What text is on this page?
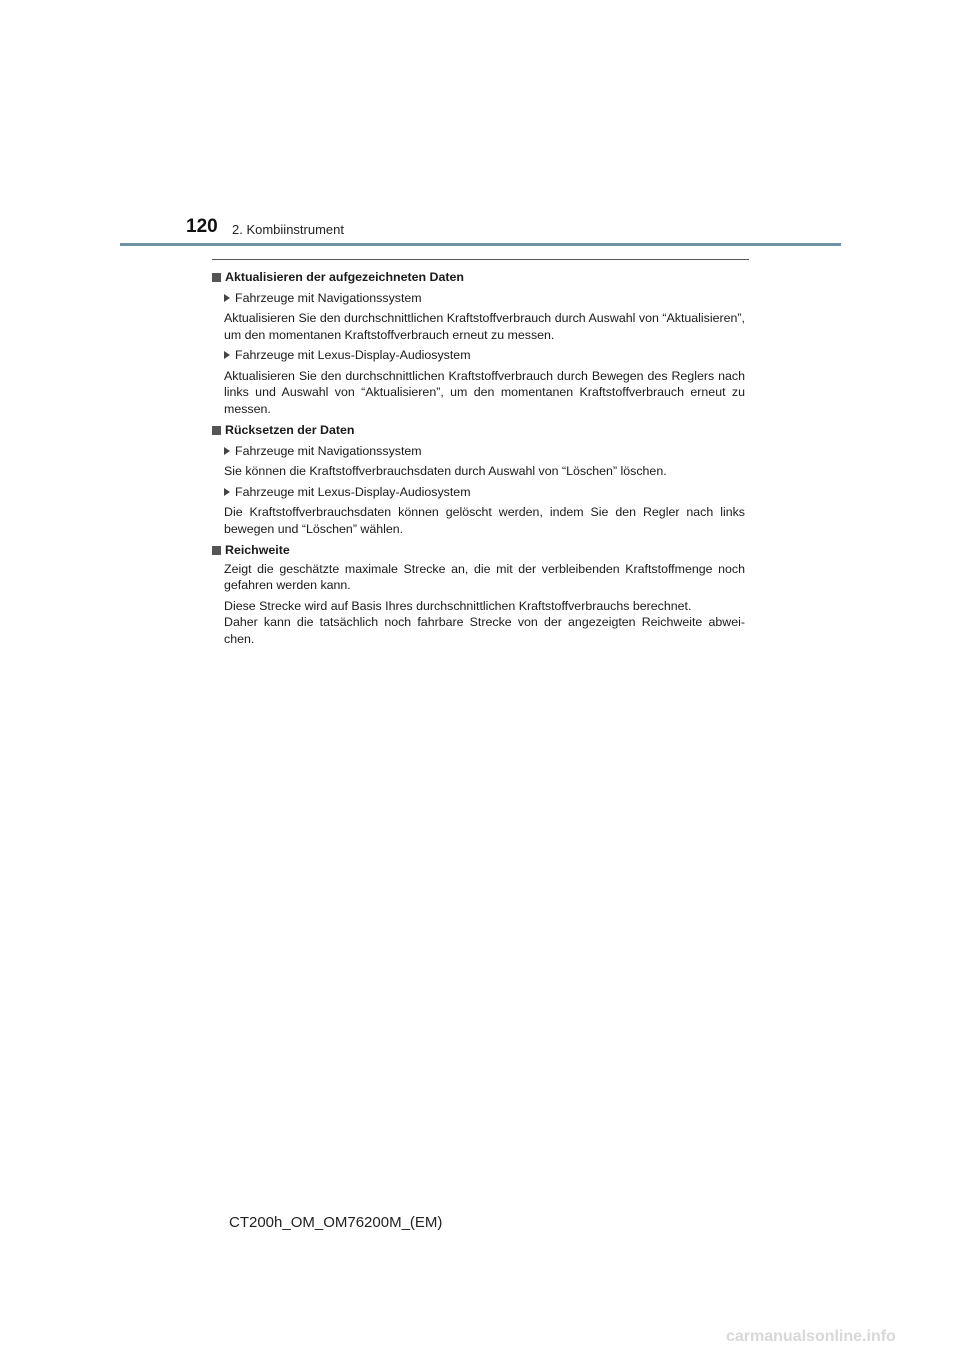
120 2. Kombiinstrument
Aktualisieren der aufgezeichneten Daten
Fahrzeuge mit Navigationssystem

Aktualisieren Sie den durchschnittlichen Kraftstoffverbrauch durch Auswahl von “Aktualisieren”, um den momentanen Kraftstoffverbrauch erneut zu messen.

Fahrzeuge mit Lexus-Display-Audiosystem

Aktualisieren Sie den durchschnittlichen Kraftstoffverbrauch durch Bewegen des Reglers nach links und Auswahl von “Aktualisieren”, um den momentanen Kraftstoffverbrauch erneut zu messen.

Rücksetzen der Daten
Fahrzeuge mit Navigationssystem

Sie können die Kraftstoffverbrauchsdaten durch Auswahl von “Löschen” löschen.

Fahrzeuge mit Lexus-Display-Audiosystem

Die Kraftstoffverbrauchsdaten können gelöscht werden, indem Sie den Regler nach links bewegen und “Löschen” wählen.

Reichweite

Zeigt die geschätzte maximale Strecke an, die mit der verbleibenden Kraftstoffmenge noch gefahren werden kann.

Diese Strecke wird auf Basis Ihres durchschnittlichen Kraftstoffverbrauchs berechnet.

Daher kann die tatsächlich noch fahrbare Strecke von der angezeigten Reichweite abwei-chen.

CT200h_OM_OM76200M_(EM)
carmanualsonline.info
